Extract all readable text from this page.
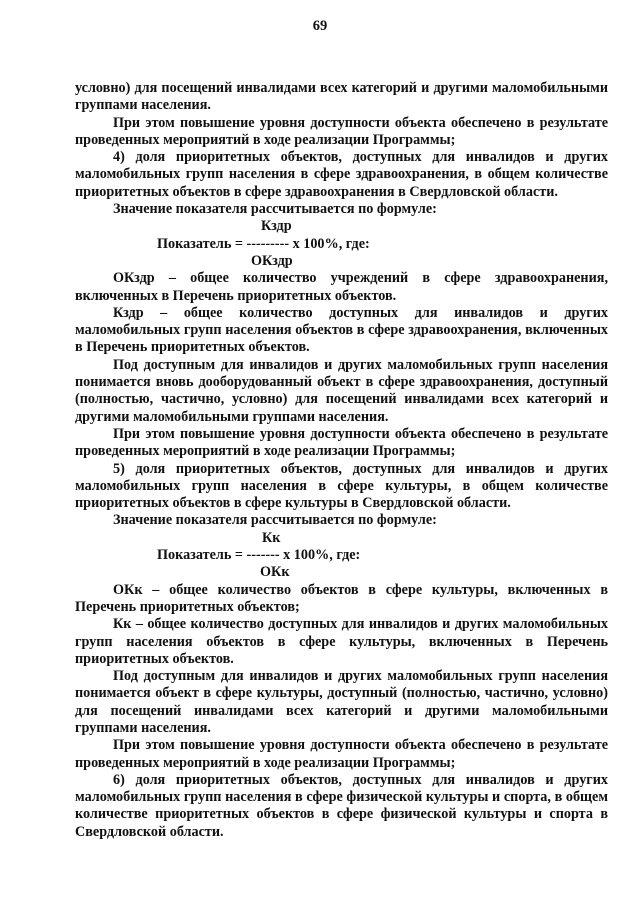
69

условно) для посещений инвалидами всех категорий и другими маломобильными группами населения.

При этом повышение уровня доступности объекта обеспечено в результате проведенных мероприятий в ходе реализации Программы;

4) доля приоритетных объектов, доступных для инвалидов и других маломобильных групп населения в сфере здравоохранения, в общем количестве приоритетных объектов в сфере здравоохранения в Свердловской области.

Значение показателя рассчитывается по формуле:

Кздр
Показатель = --------- х 100%, где:
ОКздр

ОКздр – общее количество учреждений в сфере здравоохранения, включенных в Перечень приоритетных объектов.

Кздр – общее количество доступных для инвалидов и других маломобильных групп населения объектов в сфере здравоохранения, включенных в Перечень приоритетных объектов.

Под доступным для инвалидов и других маломобильных групп населения понимается вновь дооборудованный объект в сфере здравоохранения, доступный (полностью, частично, условно) для посещений инвалидами всех категорий и другими маломобильными группами населения.

При этом повышение уровня доступности объекта обеспечено в результате проведенных мероприятий в ходе реализации Программы;

5) доля приоритетных объектов, доступных для инвалидов и других маломобильных групп населения в сфере культуры, в общем количестве приоритетных объектов в сфере культуры в Свердловской области.

Значение показателя рассчитывается по формуле:

Кк
Показатель = ------- х 100%, где:
ОКк

ОКк – общее количество объектов в сфере культуры, включенных в Перечень приоритетных объектов;

Кк – общее количество доступных для инвалидов и других маломобильных групп населения объектов в сфере культуры, включенных в Перечень приоритетных объектов.

Под доступным для инвалидов и других маломобильных групп населения понимается объект в сфере культуры, доступный (полностью, частично, условно) для посещений инвалидами всех категорий и другими маломобильными группами населения.

При этом повышение уровня доступности объекта обеспечено в результате проведенных мероприятий в ходе реализации Программы;

6) доля приоритетных объектов, доступных для инвалидов и других маломобильных групп населения в сфере физической культуры и спорта, в общем количестве приоритетных объектов в сфере физической культуры и спорта в Свердловской области.
